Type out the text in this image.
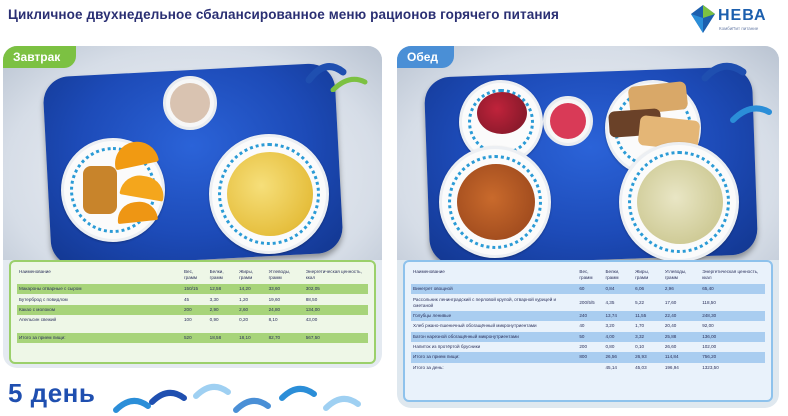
Цикличное двухнедельное сбалансированное меню рационов горячего питания	НЕВА
КомбиПит питание
Завтрак
Наименование	Вес, грамм	Белки, грамм	Жиры, грамм	Углеводы, грамм	Энергетическая ценность, ккал
Макароны отварные с сыром	150/15	12,58	14,20	33,60	302,05
Бутерброд с повидлом	45	3,30	1,20	19,60	88,50
Какао с молоком	200	2,90	2,60	24,80	134,00
Апельсин свежий	100	0,90	0,20	8,10	43,00

Итого за прием пищи:	520	18,58	18,10	82,70	567,50
Обед
Наименование	Вес, грамм	Белки, грамм	Жиры, грамм	Углеводы, грамм	Энергетическая ценность, ккал
Винегрет овощной	60	0,84	6,06	2,96	65,40
Рассольник ленинградский с перловой крупой, отварной курицей и сметаной	200/5/5	4,35	5,22	17,60	118,50
Голубцы ленивые	240	13,74	11,55	22,40	248,30
Хлеб ржано-пшеничный обогащённый микронутриентами	40	3,20	1,70	20,40	92,00
Батон нарезной обогащённый микронутриентами	50	4,00	3,32	25,88	136,00
Напиток из протёртой брусники	200	0,80	0,10	26,60	102,00
Итого за прием пищи:	800	26,56	26,93	114,84	756,20
Итого за день:		45,14	45,03	196,94	1323,50
5 день
